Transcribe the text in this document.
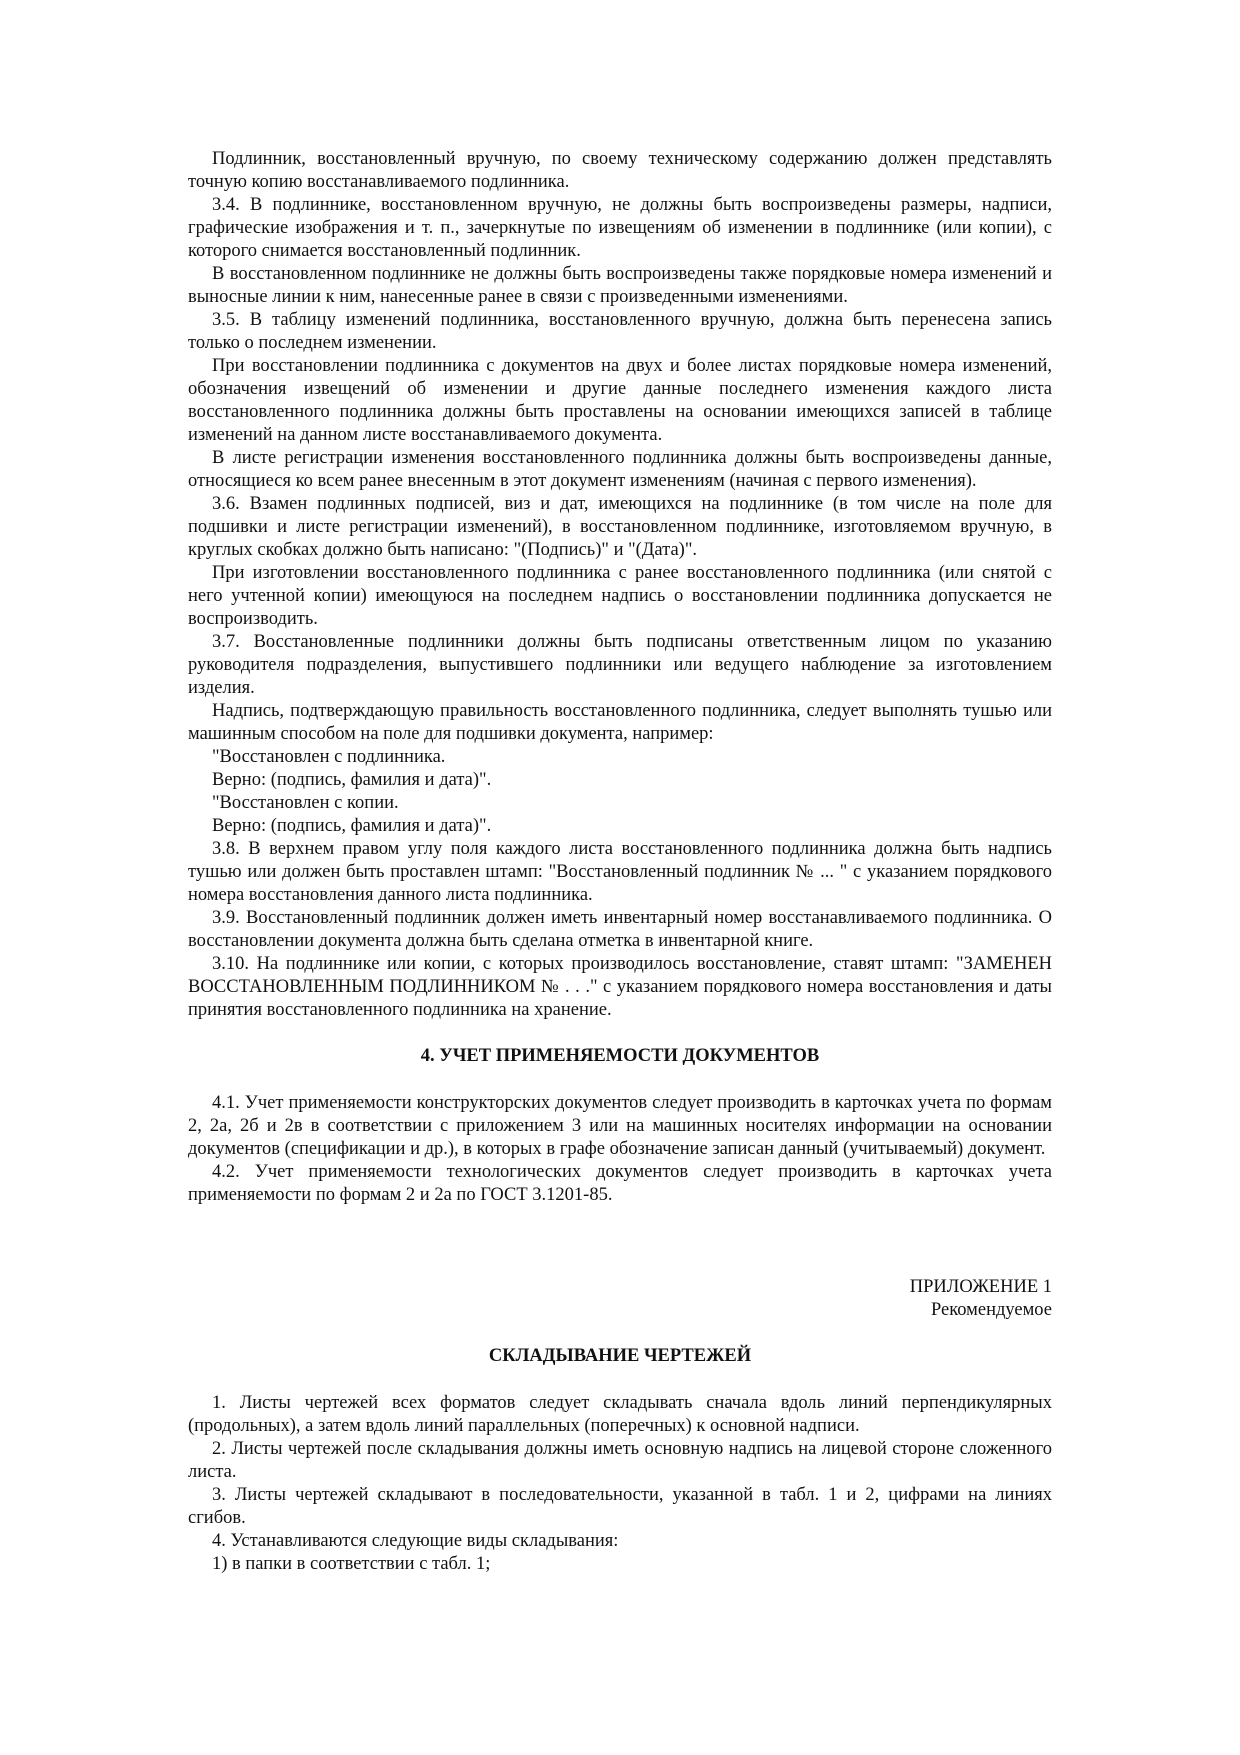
Подлинник, восстановленный вручную, по своему техническому содержанию должен представлять точную копию восстанавливаемого подлинника.

3.4. В подлиннике, восстановленном вручную, не должны быть воспроизведены размеры, надписи, графические изображения и т. п., зачеркнутые по извещениям об изменении в подлиннике (или копии), с которого снимается восстановленный подлинник.

В восстановленном подлиннике не должны быть воспроизведены также порядковые номера изменений и выносные линии к ним, нанесенные ранее в связи с произведенными изменениями.

3.5. В таблицу изменений подлинника, восстановленного вручную, должна быть перенесена запись только о последнем изменении.

При восстановлении подлинника с документов на двух и более листах порядковые номера изменений, обозначения извещений об изменении и другие данные последнего изменения каждого листа восстановленного подлинника должны быть проставлены на основании имеющихся записей в таблице изменений на данном листе восстанавливаемого документа.

В листе регистрации изменения восстановленного подлинника должны быть воспроизведены данные, относящиеся ко всем ранее внесенным в этот документ изменениям (начиная с первого изменения).

3.6. Взамен подлинных подписей, виз и дат, имеющихся на подлиннике (в том числе на поле для подшивки и листе регистрации изменений), в восстановленном подлиннике, изготовляемом вручную, в круглых скобках должно быть написано: "(Подпись)" и "(Дата)".

При изготовлении восстановленного подлинника с ранее восстановленного подлинника (или снятой с него учтенной копии) имеющуюся на последнем надпись о восстановлении подлинника допускается не воспроизводить.

3.7. Восстановленные подлинники должны быть подписаны ответственным лицом по указанию руководителя подразделения, выпустившего подлинники или ведущего наблюдение за изготовлением изделия.

Надпись, подтверждающую правильность восстановленного подлинника, следует выполнять тушью или машинным способом на поле для подшивки документа, например:

"Восстановлен с подлинника.

Верно: (подпись, фамилия и дата)".

"Восстановлен с копии.

Верно: (подпись, фамилия и дата)".

3.8. В верхнем правом углу поля каждого листа восстановленного подлинника должна быть надпись тушью или должен быть проставлен штамп: "Восстановленный подлинник № ... " с указанием порядкового номера восстановления данного листа подлинника.

3.9. Восстановленный подлинник должен иметь инвентарный номер восстанавливаемого подлинника. О восстановлении документа должна быть сделана отметка в инвентарной книге.

3.10. На подлиннике или копии, с которых производилось восстановление, ставят штамп: "ЗАМЕНЕН ВОССТАНОВЛЕННЫМ ПОДЛИННИКОМ № . . ." с указанием порядкового номера восстановления и даты принятия восстановленного подлинника на хранение.

4. УЧЕТ ПРИМЕНЯЕМОСТИ ДОКУМЕНТОВ

4.1. Учет применяемости конструкторских документов следует производить в карточках учета по формам 2, 2а, 2б и 2в в соответствии с приложением 3 или на машинных носителях информации на основании документов (спецификации и др.), в которых в графе обозначение записан данный (учитываемый) документ.

4.2. Учет применяемости технологических документов следует производить в карточках учета применяемости по формам 2 и 2а по ГОСТ 3.1201-85.

ПРИЛОЖЕНИЕ 1

Рекомендуемое

СКЛАДЫВАНИЕ ЧЕРТЕЖЕЙ

1. Листы чертежей всех форматов следует складывать сначала вдоль линий перпендикулярных (продольных), а затем вдоль линий параллельных (поперечных) к основной надписи.

2. Листы чертежей после складывания должны иметь основную надпись на лицевой стороне сложенного листа.

3. Листы чертежей складывают в последовательности, указанной в табл. 1 и 2, цифрами на линиях сгибов.

4. Устанавливаются следующие виды складывания:

1) в папки в соответствии с табл. 1;
